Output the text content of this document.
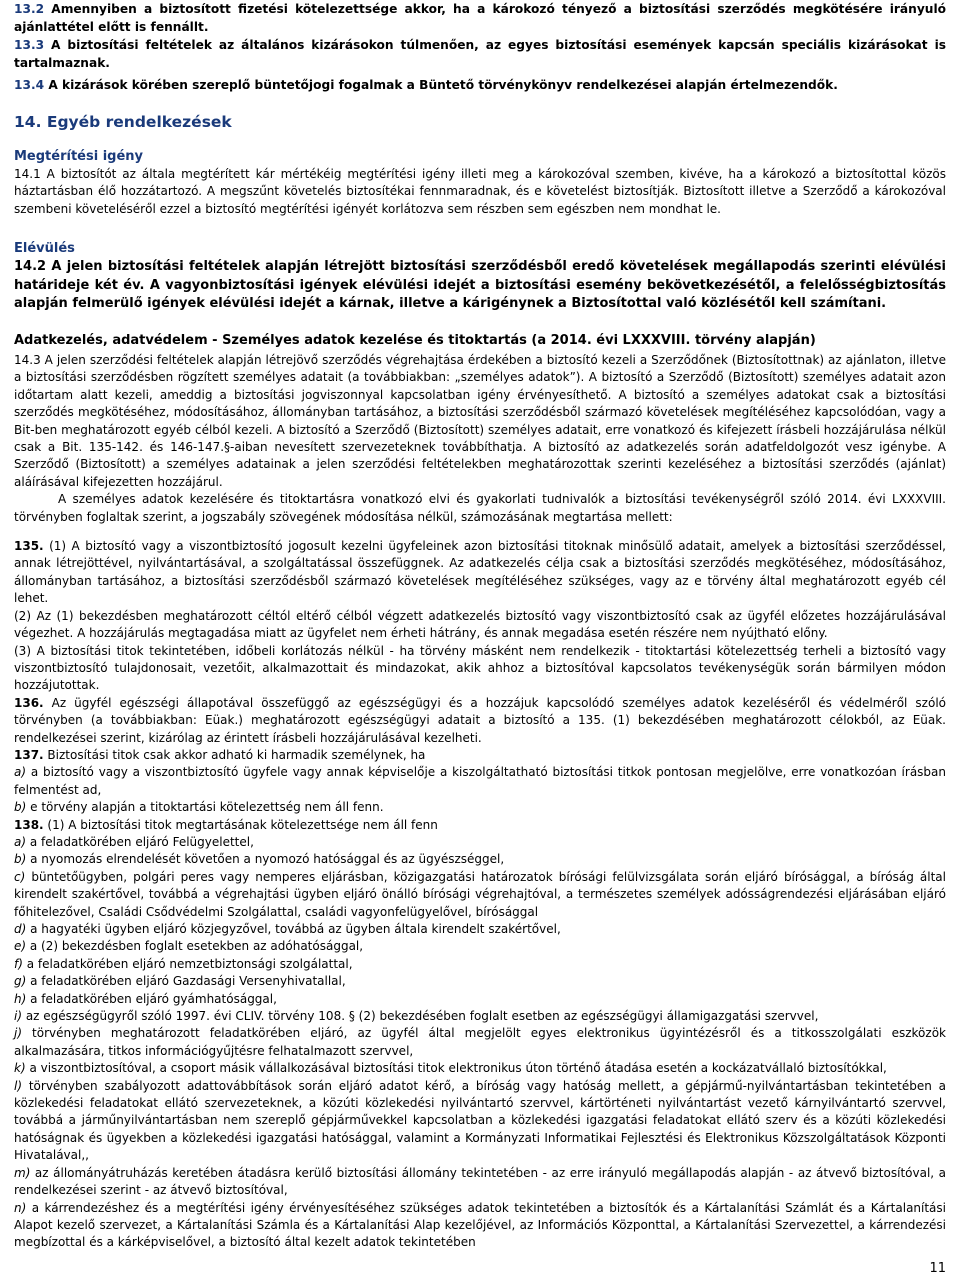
13.2 Amennyiben a biztosított fizetési kötelezettsége akkor, ha a károkozó tényező a biztosítási szerződés megkötésére irányuló ajánlattétel előtt is fennállt.

13.3 A biztosítási feltételek az általános kizárásokon túlmenően, az egyes biztosítási események kapcsán speciális kizárásokat is tartalmaznak.

13.4 A kizárások körében szereplő büntetőjogi fogalmak a Büntető törvénykönyv rendelkezései alapján értelmezendők.

14. Egyéb rendelkezések

Megtérítési igény

14.1 A biztosítót az általa megtérített kár mértékéig megtérítési igény illeti meg a károkozóval szemben, kivéve, ha a károkozó a biztosítottal közös háztartásban élő hozzátartozó. A megszűnt követelés biztosítékai fennmaradnak, és e követelést biztosítják. Biztosított illetve a Szerződő a károkozóval szembeni követeléséről ezzel a biztosító megtérítési igényét korlátozva sem részben sem egészben nem mondhat le.

Elévülés

14.2 A jelen biztosítási feltételek alapján létrejött biztosítási szerződésből eredő követelések megállapodás szerinti elévülési határideje két év. A vagyonbiztosítási igények elévülési idejét a biztosítási esemény bekövetkezésétől, a felelősségbiztosítás alapján felmerülő igények elévülési idejét a kárnak, illetve a kárigénynek a Biztosítottal való közlésétől kell számítani.

Adatkezelés, adatvédelem - Személyes adatok kezelése és titoktartás (a 2014. évi LXXXVIII. törvény alapján)

14.3 A jelen szerződési feltételek alapján létrejövő szerződés végrehajtása érdekében a biztosító kezeli a Szerződőnek (Biztosítottnak) az ajánlaton, illetve a biztosítási szerződésben rögzített személyes adatait (a továbbiakban: „személyes adatok”). A biztosító a Szerződő (Biztosított) személyes adatait azon időtartam alatt kezeli, ameddig a biztosítási jogviszonnyal kapcsolatban igény érvényesíthető. A biztosító a személyes adatokat csak a biztosítási szerződés megkötéséhez, módosításához, állományban tartásához, a biztosítási szerződésből származó követelések megítéléséhez kapcsolódóan, vagy a Bit-ben meghatározott egyéb célból kezeli. A biztosító a Szerződő (Biztosított) személyes adatait, erre vonatkozó és kifejezett írásbeli hozzájárulása nélkül csak a Bit. 135-142. és 146-147.§-aiban nevesített szervezeteknek továbbíthatja. A biztosító az adatkezelés során adatfeldolgozót vesz igénybe. A Szerződő (Biztosított) a személyes adatainak a jelen szerződési feltételekben meghatározottak szerinti kezeléséhez a biztosítási szerződés (ajánlat) aláírásával kifejezetten hozzájárul.

A személyes adatok kezelésére és titoktartásra vonatkozó elvi és gyakorlati tudnivalók a biztosítási tevékenységről szóló 2014. évi LXXXVIII. törvényben foglaltak szerint, a jogszabály szövegének módosítása nélkül, számozásának megtartása mellett:

135. (1) A biztosító vagy a viszontbiztosító jogosult kezelni ügyfeleinek azon biztosítási titoknak minősülő adatait, amelyek a biztosítási szerződéssel, annak létrejöttével, nyilvántartásával, a szolgáltatással összefüggnek. Az adatkezelés célja csak a biztosítási szerződés megkötéséhez, módosításához, állományban tartásához, a biztosítási szerződésből származó követelések megítéléséhez szükséges, vagy az e törvény által meghatározott egyéb cél lehet.

(2) Az (1) bekezdésben meghatározott céltól eltérő célból végzett adatkezelés biztosító vagy viszontbiztosító csak az ügyfél előzetes hozzájárulásával végezhet. A hozzájárulás megtagadása miatt az ügyfelet nem érheti hátrány, és annak megadása esetén részére nem nyújtható előny.

(3) A biztosítási titok tekintetében, időbeli korlátozás nélkül - ha törvény másként nem rendelkezik - titoktartási kötelezettség terheli a biztosító vagy viszontbiztosító tulajdonosait, vezetőit, alkalmazottait és mindazokat, akik ahhoz a biztosítóval kapcsolatos tevékenységük során bármilyen módon hozzájutottak.

136. Az ügyfél egészségi állapotával összefüggő az egészségügyi és a hozzájuk kapcsolódó személyes adatok kezeléséről és védelméről szóló törvényben (a továbbiakban: Eüak.) meghatározott egészségügyi adatait a biztosító a 135. (1) bekezdésében meghatározott célokból, az Eüak. rendelkezései szerint, kizárólag az érintett írásbeli hozzájárulásával kezelheti.

137. Biztosítási titok csak akkor adható ki harmadik személynek, ha

a) a biztosító vagy a viszontbiztosító ügyfele vagy annak képviselője a kiszolgáltatható biztosítási titkok pontosan megjelölve, erre vonatkozóan írásban felmentést ad,

b) e törvény alapján a titoktartási kötelezettség nem áll fenn.

138. (1) A biztosítási titok megtartásának kötelezettsége nem áll fenn

a) a feladatkörében eljáró Felügyelettel,

b) a nyomozás elrendelését követően a nyomozó hatósággal és az ügyészséggel,

c) büntetőügyben, polgári peres vagy nemperes eljárásban, közigazgatási határozatok bírósági felülvizsgálata során eljáró bírósággal, a bíróság által kirendelt szakértővel, továbbá a végrehajtási ügyben eljáró önálló bírósági végrehajtóval, a természetes személyek adósságrendezési eljárásában eljáró főhitelezővel, Családi Csődvédelmi Szolgálattal, családi vagyonfelügyelővel, bírósággal

d) a hagyatéki ügyben eljáró közjegyzővel, továbbá az ügyben általa kirendelt szakértővel,

e) a (2) bekezdésben foglalt esetekben az adóhatósággal,

f) a feladatkörében eljáró nemzetbiztonsági szolgálattal,

g) a feladatkörében eljáró Gazdasági Versenyhivatallal,

h) a feladatkörében eljáró gyámhatósággal,

i) az egészségügyről szóló 1997. évi CLIV. törvény 108. § (2) bekezdésében foglalt esetben az egészségügyi államigazgatási szervvel,

j) törvényben meghatározott feladatkörében eljáró, az ügyfél által megjelölt egyes elektronikus ügyintézésről és a titkosszolgálati eszközök alkalmazására, titkos információgyűjtésre felhatalmazott szervvel,

k) a viszontbiztosítóval, a csoport másik vállalkozásával biztosítási titok elektronikus úton történő átadása esetén a kockázatvállaló biztosítókkal,

l) törvényben szabályozott adattovábbítások során eljáró adatot kérő, a bíróság vagy hatóság mellett, a gépjármű-nyilvántartásban tekintetében a közlekedési feladatokat ellátó szervezeteknek, a közúti közlekedési nyilvántartó szervvel, kártörténeti nyilvántartást vezető kárnyilvántartó szervvel, továbbá a járműnyilvántartásban nem szereplő gépjárművekkel kapcsolatban a közlekedési igazgatási feladatokat ellátó szerv és a közúti közlekedési hatóságnak és ügyekben a közlekedési igazgatási hatósággal, valamint a Kormányzati Informatikai Fejlesztési és Elektronikus Közszolgáltatások Központi Hivatalával,,

m) az állományátruházás keretében átadásra kerülő biztosítási állomány tekintetében - az erre irányuló megállapodás alapján - az átvevő biztosítóval, a rendelkezései szerint - az átvevő biztosítóval,

n) a kárrendezéshez és a megtérítési igény érvényesítéséhez szükséges adatok tekintetében a biztosítók és a Kártalanítási Számlát és a Kártalanítási Alapot kezelő szervezet, a Kártalanítási Számla és a Kártalanítási Alap kezelőjével, az Információs Központtal, a Kártalanítási Szervezettel, a kárrendezési megbízottal és a kárképviselővel, a biztosító által kezelt adatok tekintetében

11
